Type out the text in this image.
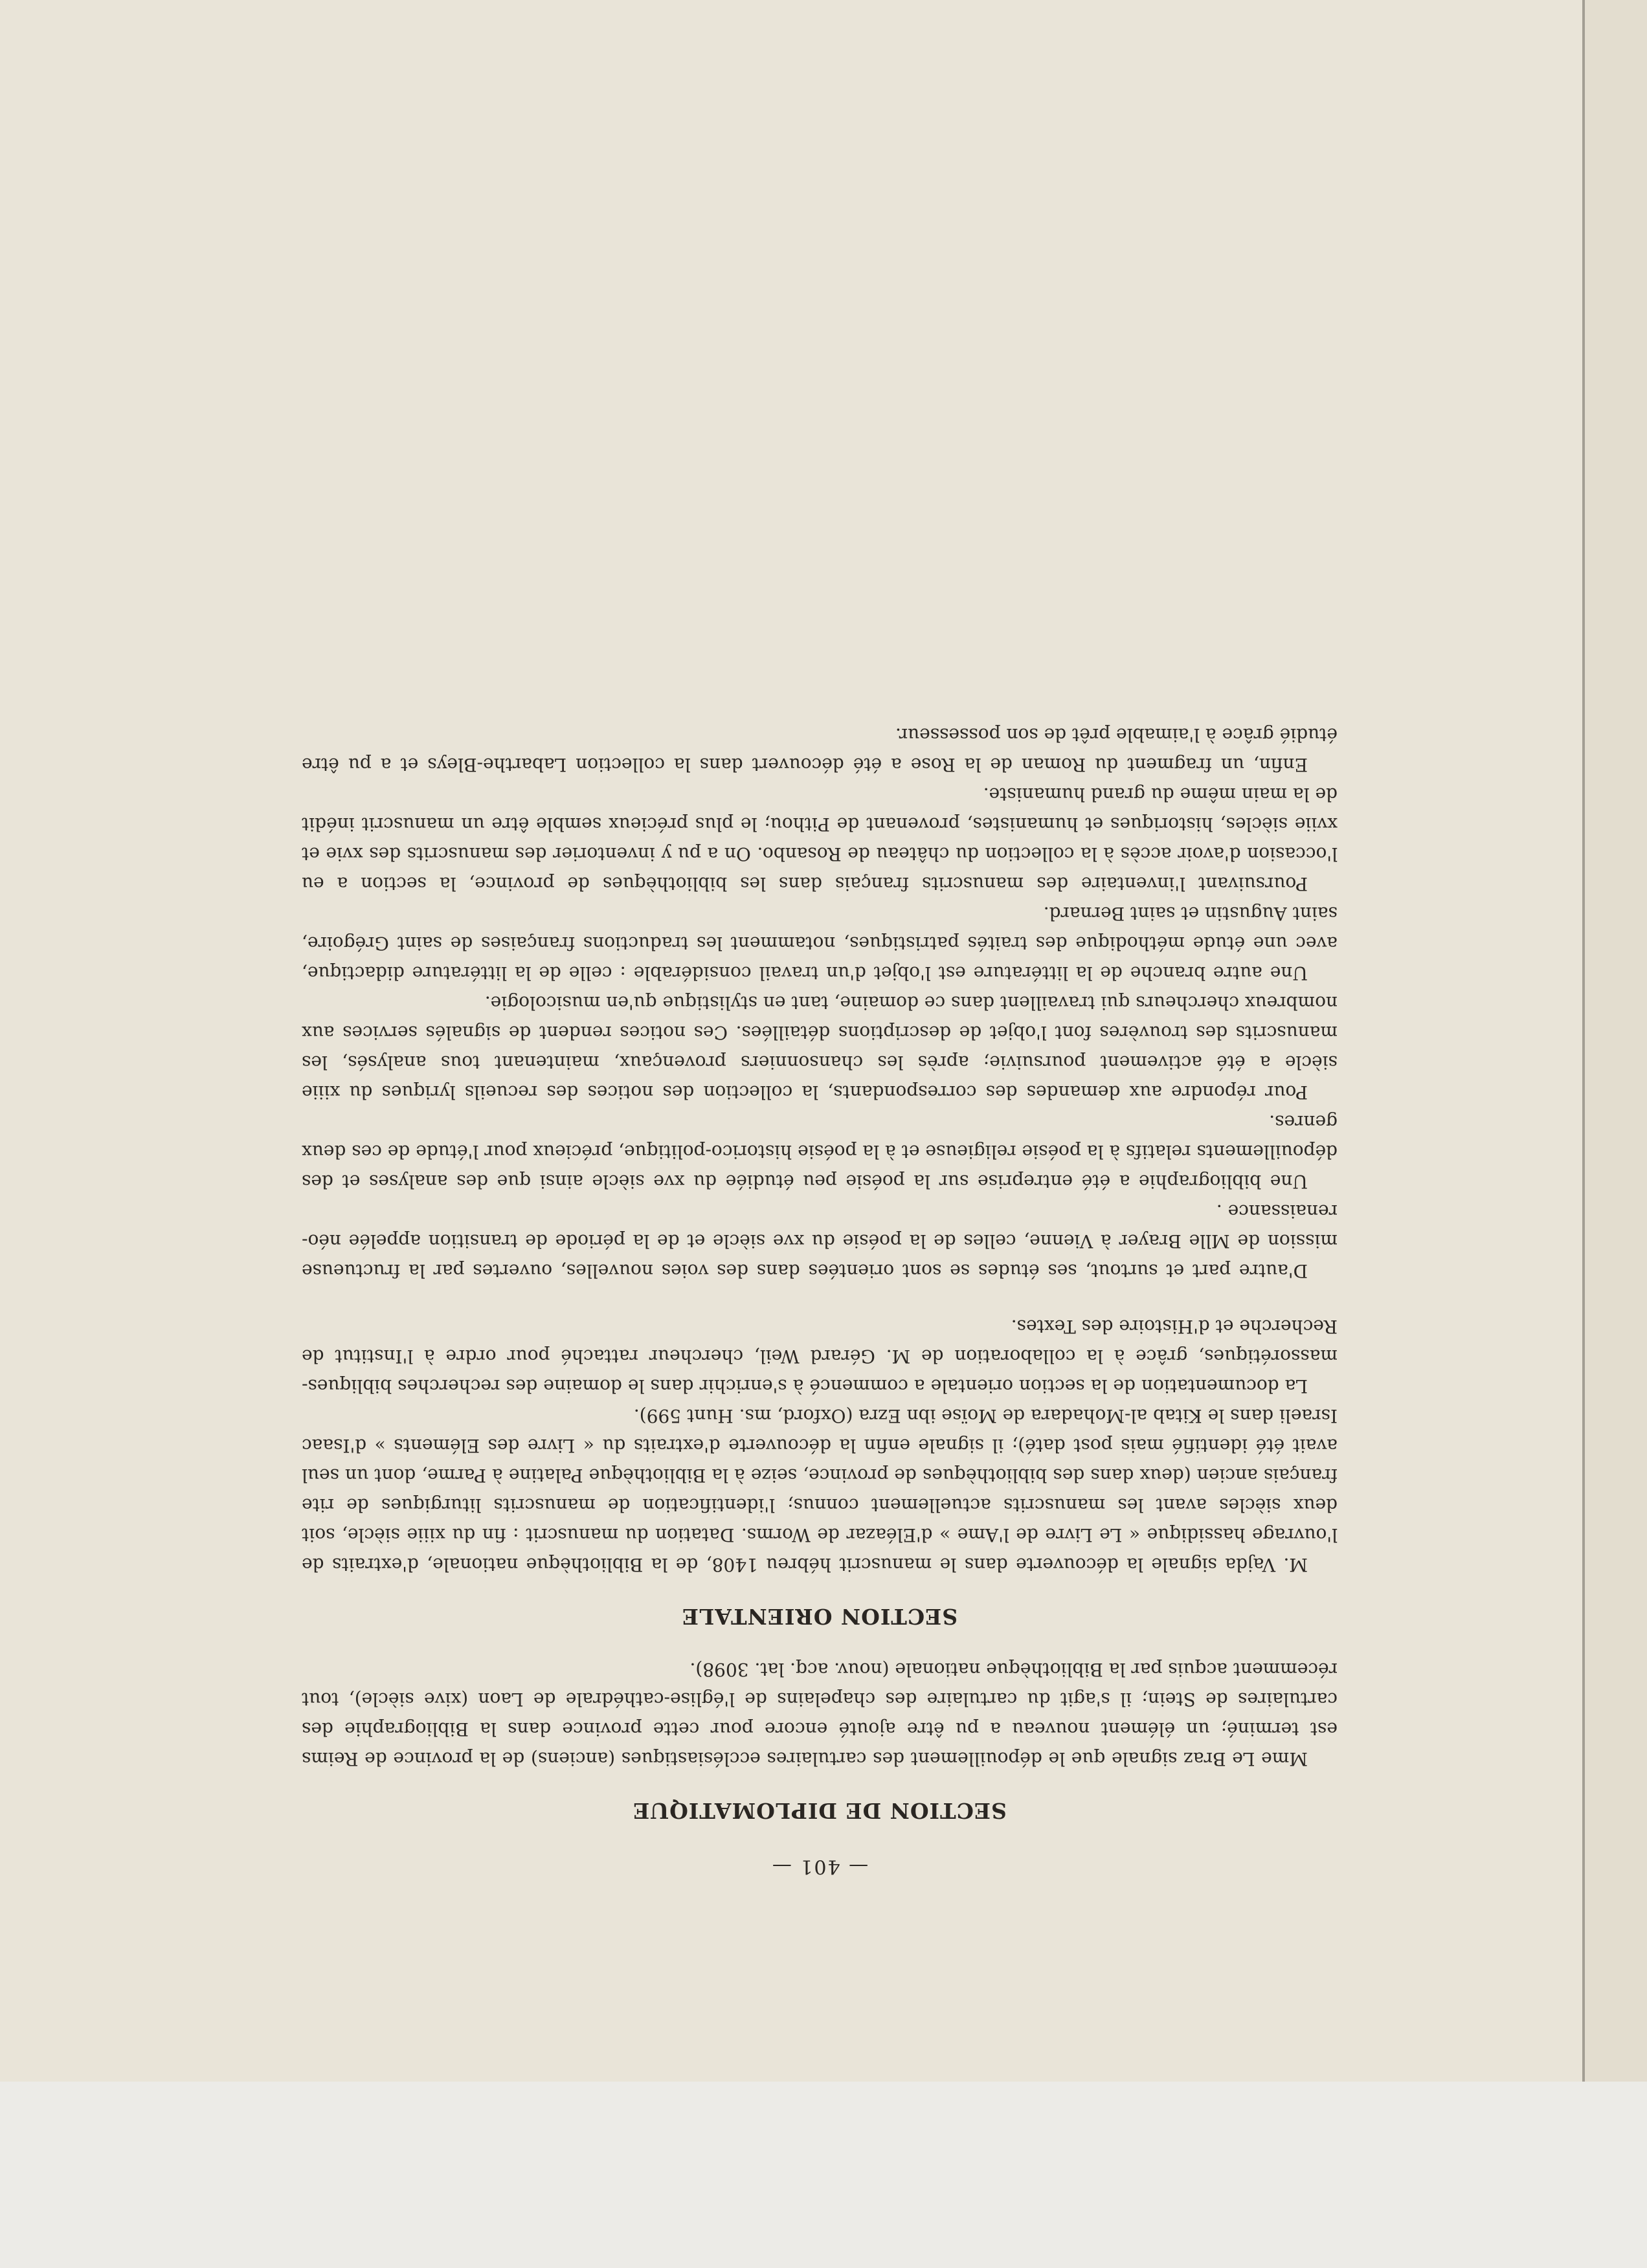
— 401 —
SECTION DE DIPLOMATIQUE

Mme Le Braz signale que le dépouillement des cartulaires ecclésiastiques (anciens) de la province de Reims est terminé; un élément nouveau a pu être ajouté encore pour cette province dans la Bibliographie des cartulaires de Stein; il s'agit du cartulaire des chapelains de l'église-cathédrale de Laon (xive siècle), tout récemment acquis par la Bibliothèque nationale (nouv. acq. lat. 3098).

SECTION ORIENTALE

M. Vajda signale la découverte dans le manuscrit hébreu 1408, de la Bibliothèque nationale, d'extraits de l'ouvrage hassidique « Le Livre de l'Ame » d'Eléazar de Worms. Datation du manuscrit : fin du xiiie siècle, soit deux siècles avant les manuscrits actuellement connus; l'identification de manuscrits liturgiques de rite français ancien (deux dans des bibliothèques de province, seize à la Bibliothèque Palatine à Parme, dont un seul avait été identifié mais post daté); il signale enfin la découverte d'extraits du « Livre des Eléments » d'Isaac Israeli dans le Kitab al-Mohadara de Moïse ibn Ezra (Oxford, ms. Hunt 599).

La documentation de la section orientale a commencé à s'enrichir dans le domaine des recherches bibliques-massorétiques, grâce à la collaboration de M. Gérard Weil, chercheur rattaché pour ordre à l'Institut de Recherche et d'Histoire des Textes.

D'autre part et surtout, ses études se sont orientées dans des voies nouvelles, ouvertes par la fructueuse mission de Mlle Brayer à Vienne, celles de la poésie du xve siècle et de la période de transition appelée néo-renaissance .

Une bibliographie a été entreprise sur la poésie peu étudiée du xve siècle ainsi que des analyses et des dépouillements relatifs à la poésie religieuse et à la poésie historico-politique, précieux pour l'étude de ces deux genres.

Pour répondre aux demandes des correspondants, la collection des notices des recueils lyriques du xiiie siècle a été activement poursuivie; après les chansonniers provençaux, maintenant tous analysés, les manuscrits des trouvères font l'objet de descriptions détaillées. Ces notices rendent de signalés services aux nombreux chercheurs qui travaillent dans ce domaine, tant en stylistique qu'en musicologie.

Une autre branche de la littérature est l'objet d'un travail considérable : celle de la littérature didactique, avec une étude méthodique des traités patristiques, notamment les traductions françaises de saint Grégoire, saint Augustin et saint Bernard.

Poursuivant l'inventaire des manuscrits français dans les bibliothèques de province, la section a eu l'occasion d'avoir accès à la collection du château de Rosanbo. On a pu y inventorier des manuscrits des xvie et xviie siècles, historiques et humanistes, provenant de Pithou; le plus précieux semble être un manuscrit inédit de la main même du grand humaniste.

Enfin, un fragment du Roman de la Rose a été découvert dans la collection Labarthe-Bleys et a pu être étudié grâce à l'aimable prêt de son possesseur.
